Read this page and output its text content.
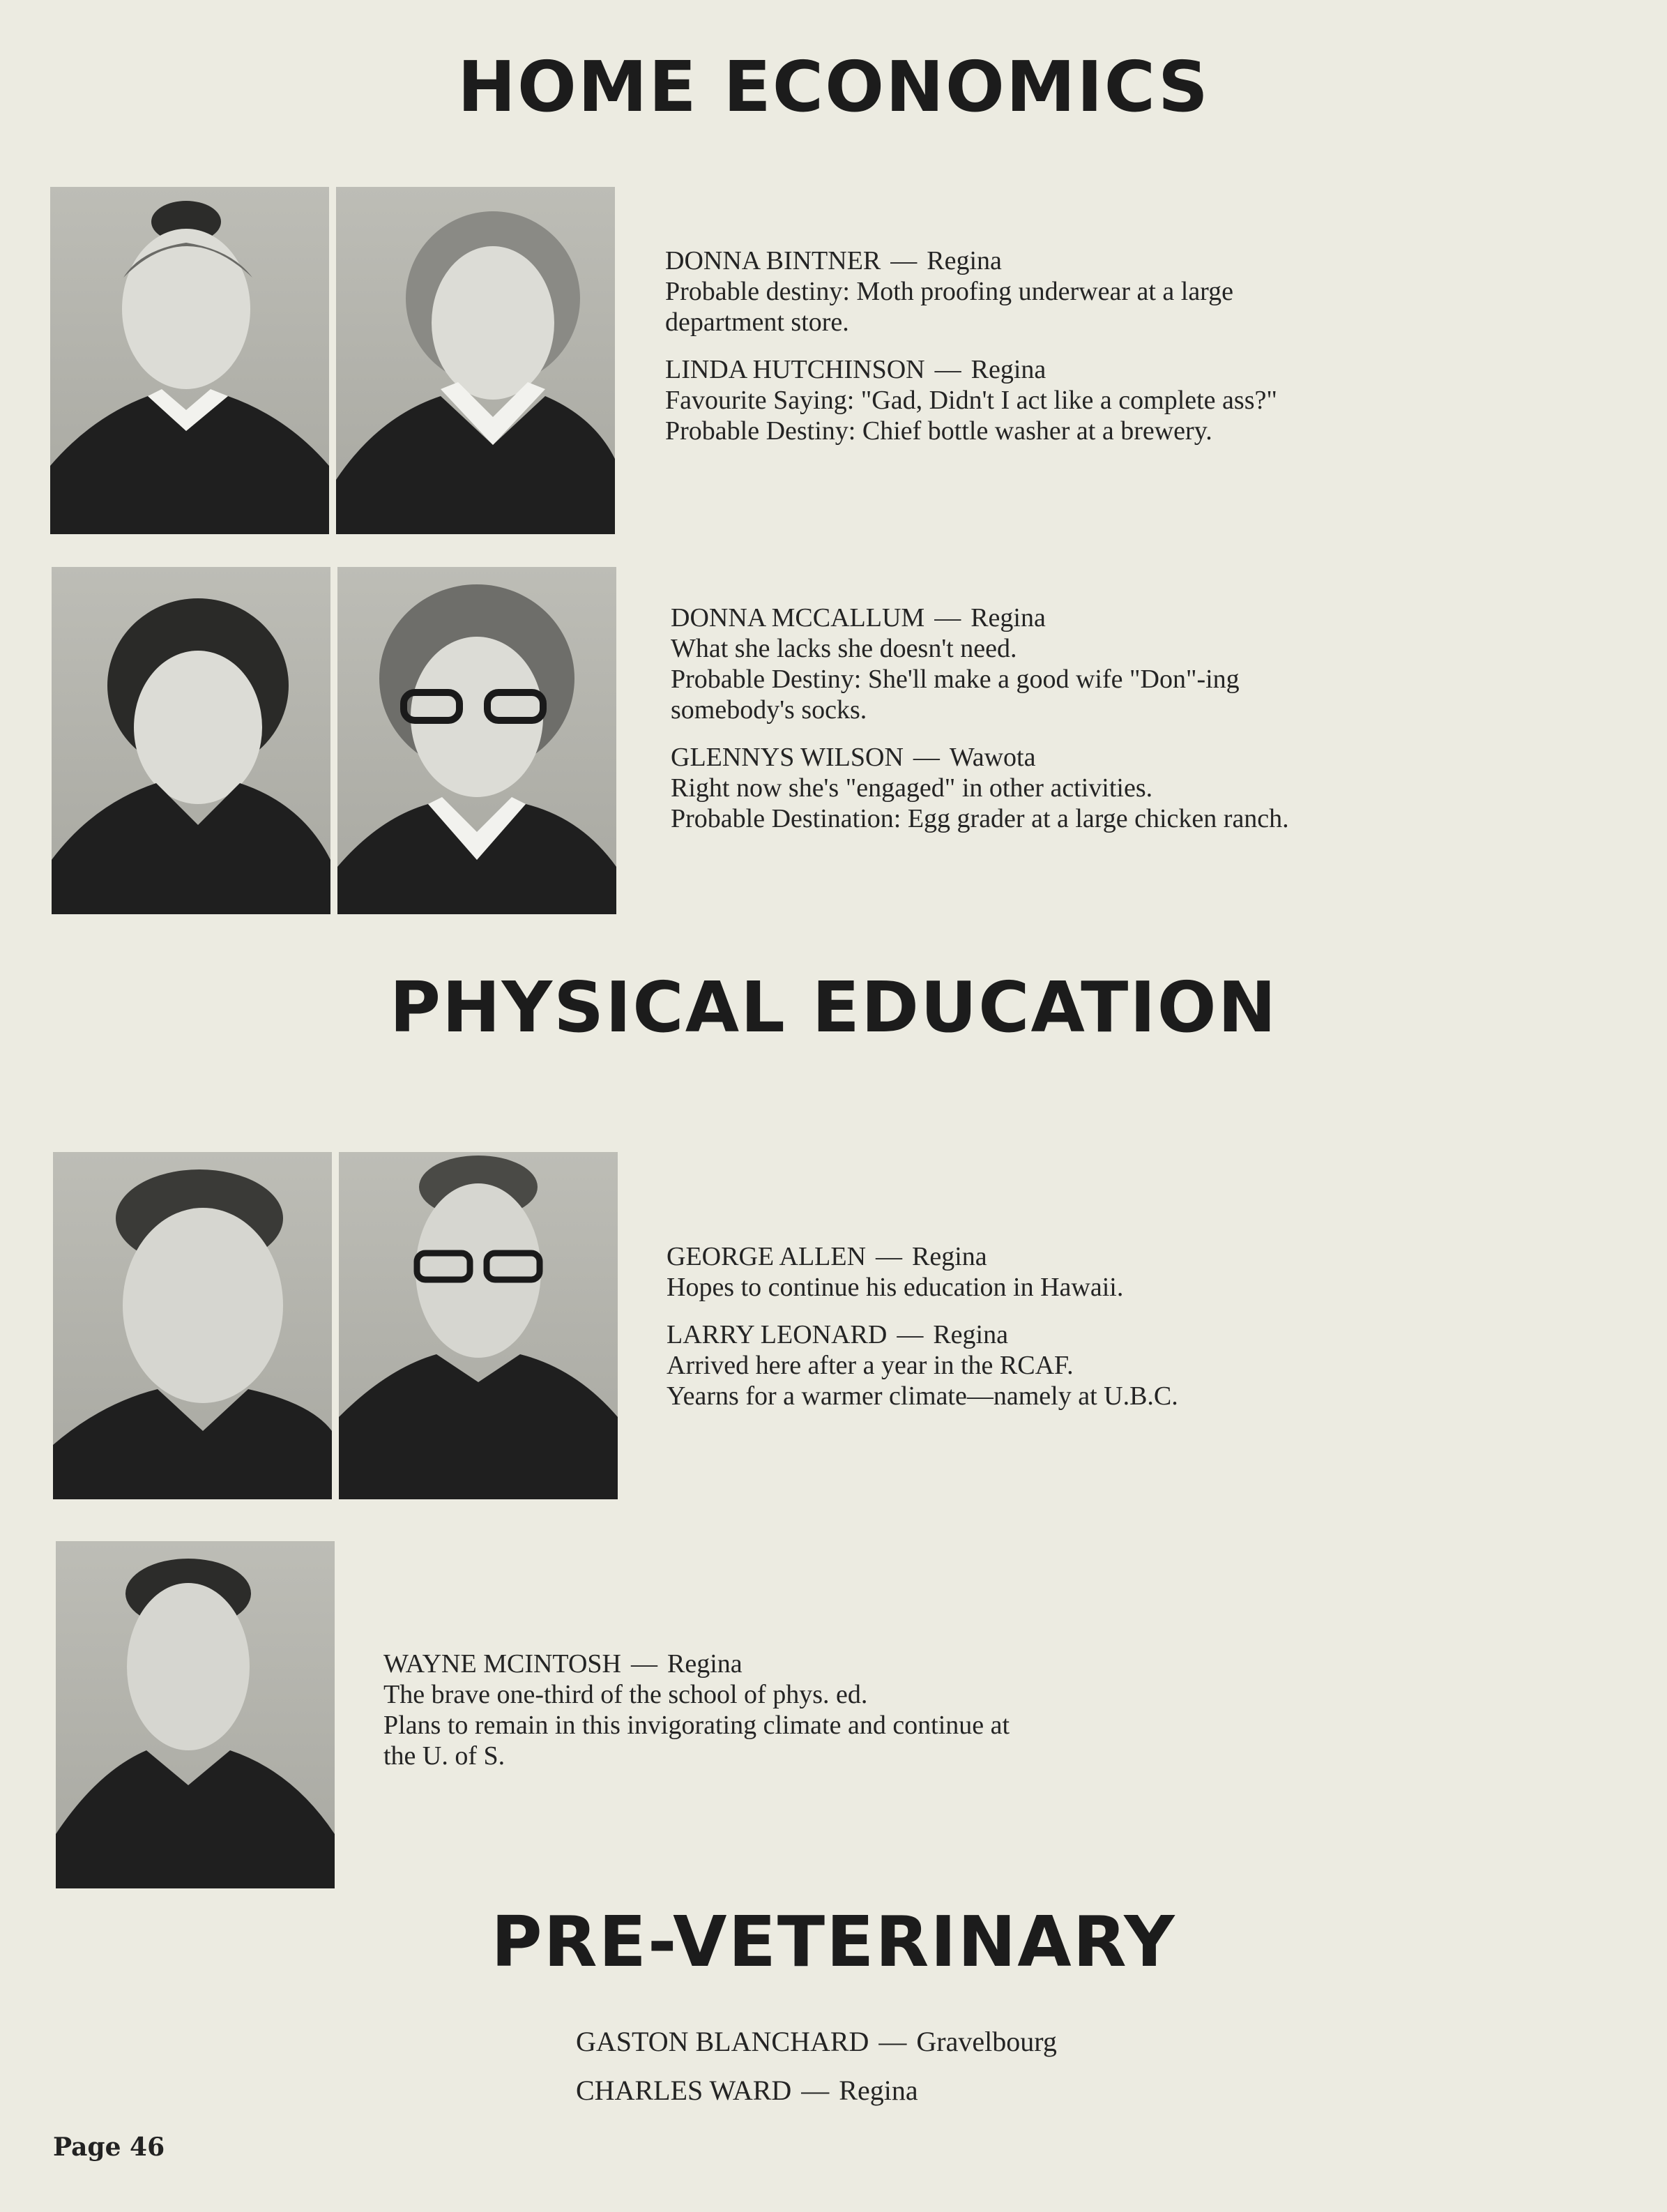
HOME ECONOMICS

DONNA BINTNER — Regina

Probable destiny: Moth proofing underwear at a large department store.

LINDA HUTCHINSON — Regina

Favourite Saying: "Gad, Didn't I act like a complete ass?"

Probable Destiny: Chief bottle washer at a brewery.

DONNA MCCALLUM — Regina

What she lacks she doesn't need.

Probable Destiny: She'll make a good wife "Don"-ing somebody's socks.

GLENNYS WILSON — Wawota

Right now she's "engaged" in other activities.

Probable Destination: Egg grader at a large chicken ranch.

PHYSICAL EDUCATION

GEORGE ALLEN — Regina

Hopes to continue his education in Hawaii.

LARRY LEONARD — Regina

Arrived here after a year in the RCAF.

Yearns for a warmer climate—namely at U.B.C.

WAYNE MCINTOSH — Regina

The brave one-third of the school of phys. ed.

Plans to remain in this invigorating climate and continue at the U. of S.

PRE-VETERINARY
GASTON BLANCHARD — Gravelbourg
CHARLES WARD — Regina
Page 46
